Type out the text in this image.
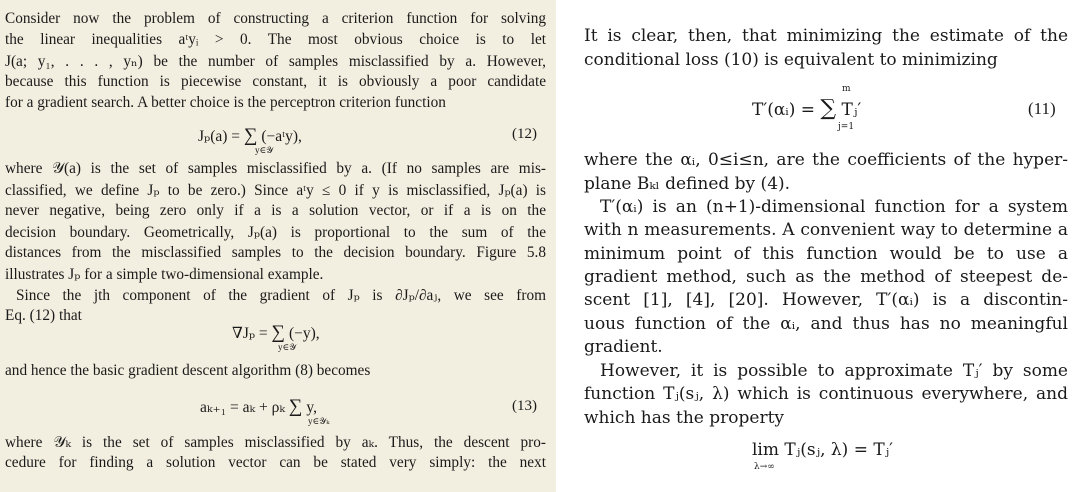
Consider now the problem of constructing a criterion function for solving
the linear inequalities aᵗyᵢ > 0. The most obvious choice is to let
J(a; y₁, . . . , yₙ) be the number of samples misclassified by a. However,
because this function is piecewise constant, it is obviously a poor candidate
for a gradient search. A better choice is the perceptron criterion function
Jₚ(a) = ∑ (−aᵗy),
y∈𝒴
(12)
where 𝒴(a) is the set of samples misclassified by a. (If no samples are mis-
classified, we define Jₚ to be zero.) Since aᵗy ≤ 0 if y is misclassified, Jₚ(a) is
never negative, being zero only if a is a solution vector, or if a is on the
decision boundary. Geometrically, Jₚ(a) is proportional to the sum of the
distances from the misclassified samples to the decision boundary. Figure 5.8
illustrates Jₚ for a simple two-dimensional example.
Since the jth component of the gradient of Jₚ is ∂Jₚ/∂aⱼ, we see from
Eq. (12) that
∇Jₚ = ∑ (−y),
y∈𝒴
and hence the basic gradient descent algorithm (8) becomes
aₖ₊₁ = aₖ + ρₖ ∑ y,
y∈𝒴ₖ
(13)
where 𝒴ₖ is the set of samples misclassified by aₖ. Thus, the descent pro-
cedure for finding a solution vector can be stated very simply: the next
It is clear, then, that minimizing the estimate of the
conditional loss (10) is equivalent to minimizing
T′(αᵢ) = ∑ Tⱼ′
m
j=1
(11)
where the αᵢ, 0≤i≤n, are the coefficients of the hyper-
plane Bₖₗ defined by (4).
T′(αᵢ) is an (n+1)-dimensional function for a system
with n measurements. A convenient way to determine a
minimum point of this function would be to use a
gradient method, such as the method of steepest de-
scent [1], [4], [20]. However, T′(αᵢ) is a discontin-
uous function of the αᵢ, and thus has no meaningful
gradient.
However, it is possible to approximate Tⱼ′ by some
function Tⱼ(sⱼ, λ) which is continuous everywhere, and
which has the property
lim Tⱼ(sⱼ, λ) = Tⱼ′
λ→∞
